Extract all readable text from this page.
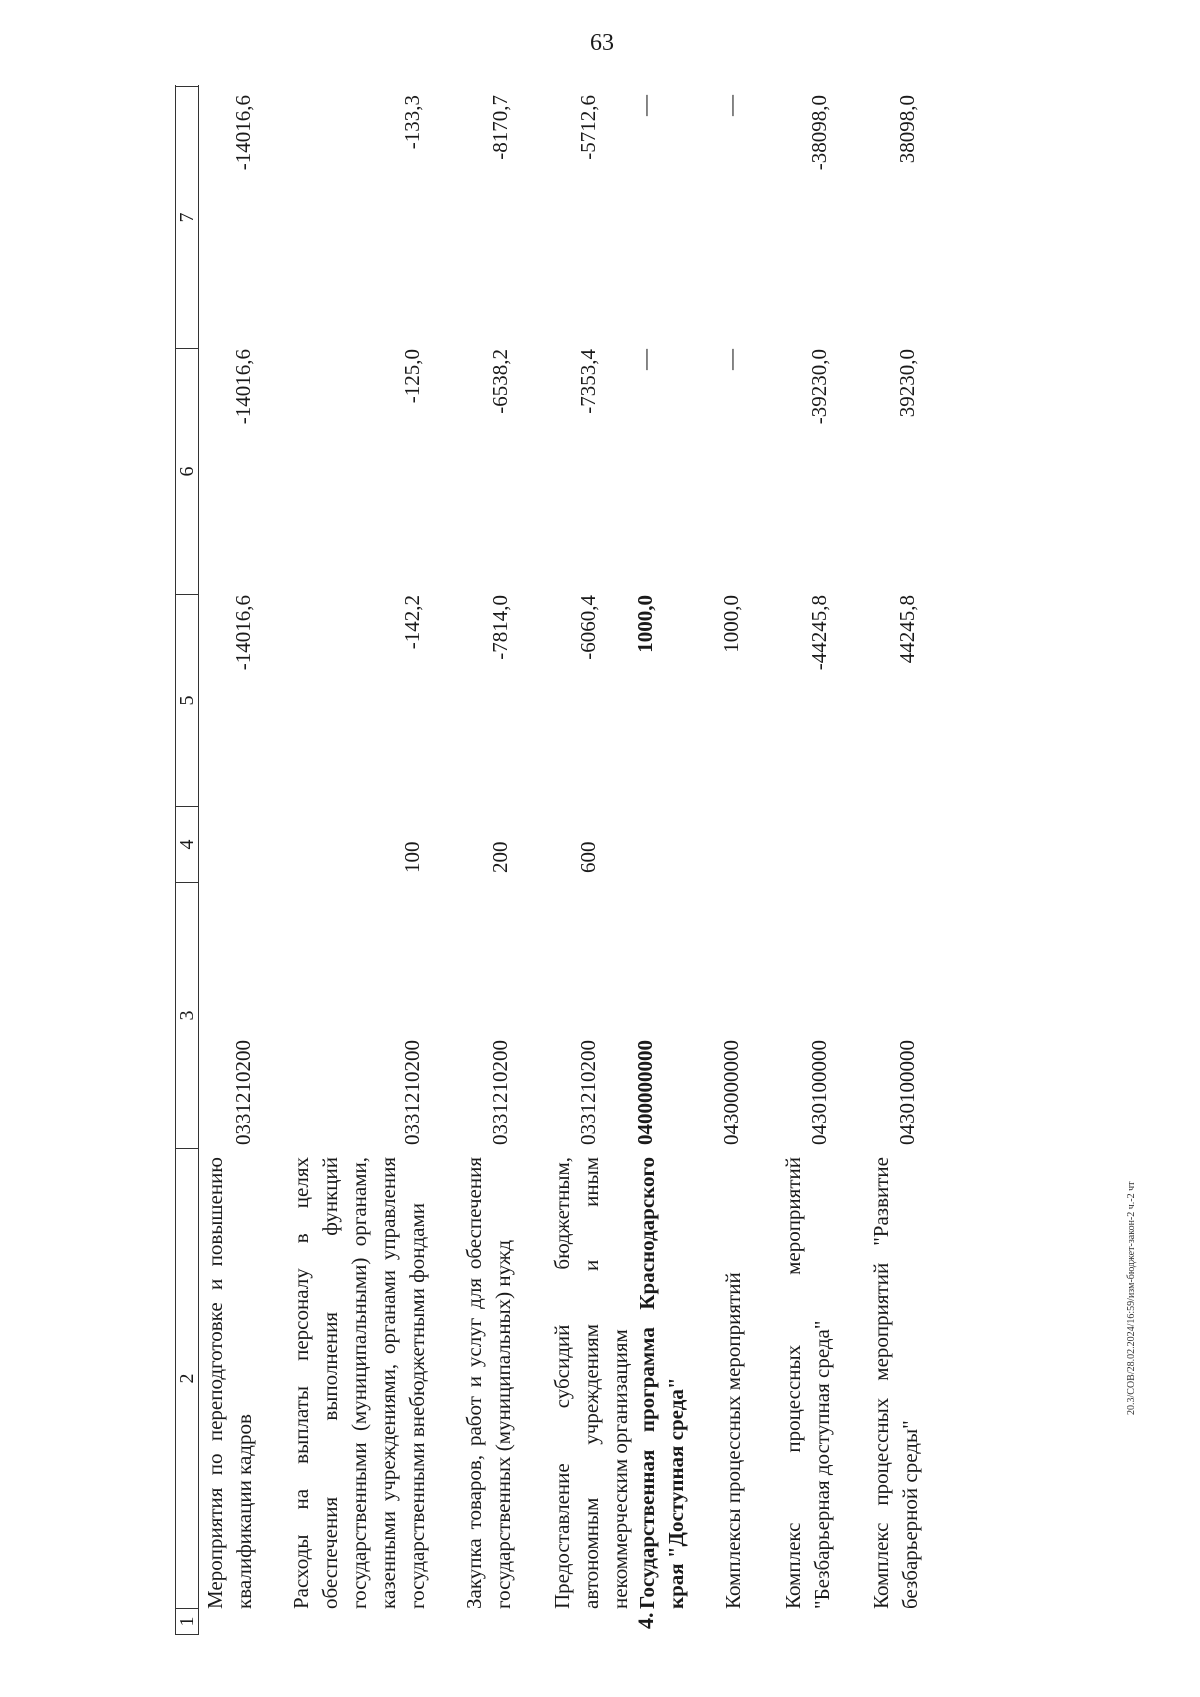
63
20.3/СОВ/28.02.2024/16:59/изм-бюджет-закон-2 ч.-2 чт
1
2
3
4
5
6
7
Мероприятия по переподготовке и повышению квалификации кадров
0331210200
-14016,6
-14016,6
-14016,6
Расходы на выплаты персоналу в целях обеспечения выполнения функций государственными (муниципальными) органами, казенными учреждениями, органами управления государственными внебюджетными фондами
0331210200
100
-142,2
-125,0
-133,3
Закупка товаров, работ и услуг для обеспечения государственных (муниципальных) нужд
0331210200
200
-7814,0
-6538,2
-8170,7
Предоставление субсидий бюджетным, автономным учреждениям и иным некоммерческим организациям
0331210200
600
-6060,4
-7353,4
-5712,6
4.
Государственная программа Краснодарского края "Доступная среда"
0400000000
1000,0
—
—
Комплексы процессных мероприятий
0430000000
1000,0
—
—
Комплекс процессных мероприятий "Безбарьерная доступная среда"
0430100000
-44245,8
-39230,0
-38098,0
Комплекс процессных мероприятий "Развитие безбарьерной среды"
0430100000
44245,8
39230,0
38098,0
